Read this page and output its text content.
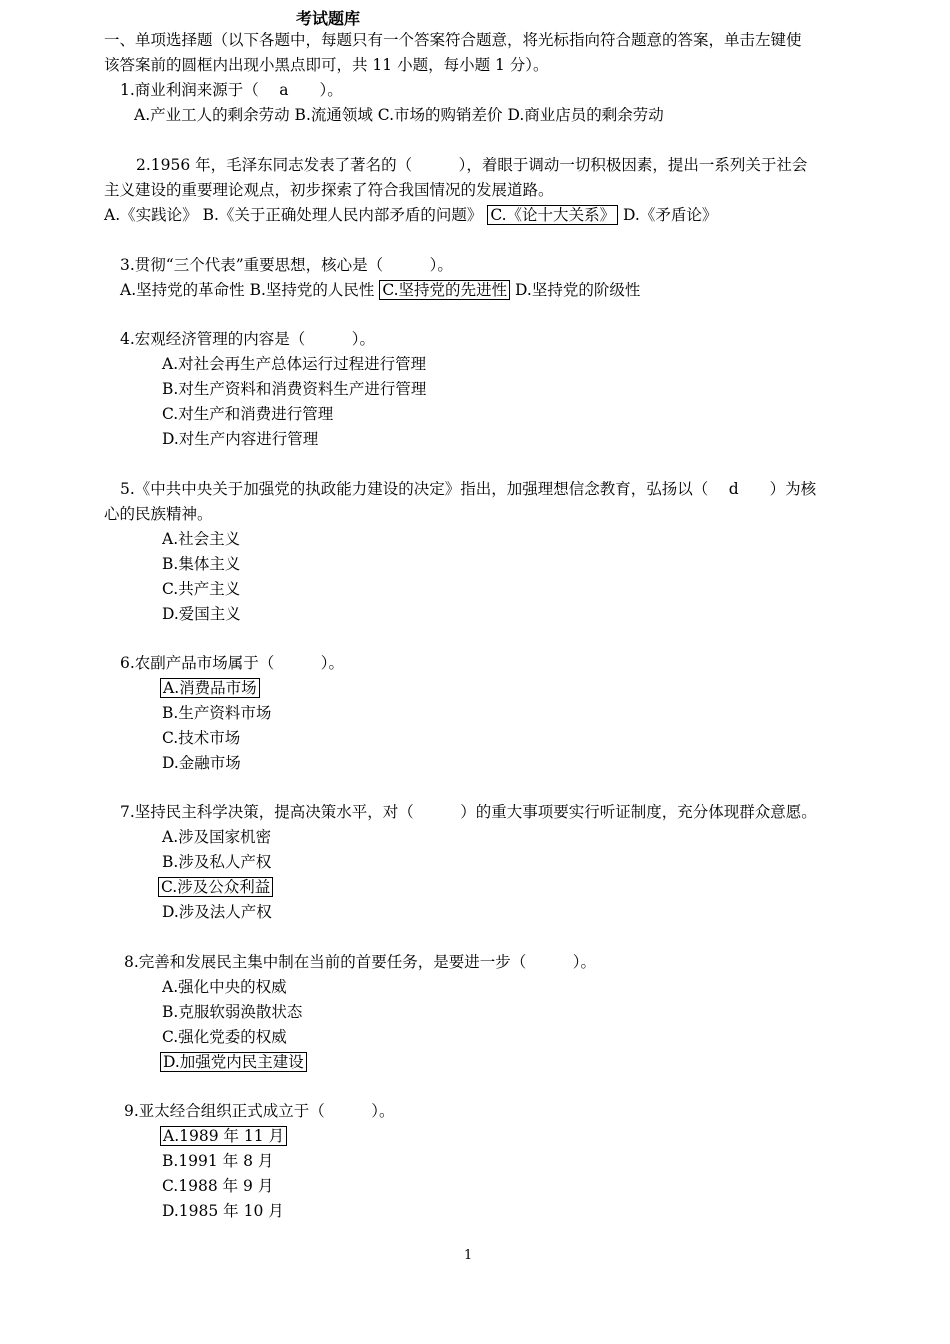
考试题库
一、单项选择题（以下各题中，每题只有一个答案符合题意，将光标指向符合题意的答案，单击左键使
该答案前的圆框内出现小黑点即可，共 11 小题，每小题 1 分）。
1.商业利润来源于（　 a　　）。
A.产业工人的剩余劳动 B.流通领域 C.市场的购销差价 D.商业店员的剩余劳动
2.1956 年，毛泽东同志发表了著名的（　　　），着眼于调动一切积极因素，提出一系列关于社会
主义建设的重要理论观点，初步探索了符合我国情况的发展道路。
A.《实践论》 B.《关于正确处理人民内部矛盾的问题》 C.《论十大关系》 D.《矛盾论》
3.贯彻“三个代表”重要思想，核心是（　　　）。
A.坚持党的革命性 B.坚持党的人民性 C.坚持党的先进性 D.坚持党的阶级性
4.宏观经济管理的内容是（　　　）。
A.对社会再生产总体运行过程进行管理
B.对生产资料和消费资料生产进行管理
C.对生产和消费进行管理
D.对生产内容进行管理
5.《中共中央关于加强党的执政能力建设的决定》指出，加强理想信念教育，弘扬以（　 d　　）为核
心的民族精神。
A.社会主义
B.集体主义
C.共产主义
D.爱国主义
6.农副产品市场属于（　　　）。
A.消费品市场
B.生产资料市场
C.技术市场
D.金融市场
7.坚持民主科学决策，提高决策水平，对（　　　）的重大事项要实行听证制度，充分体现群众意愿。
A.涉及国家机密
B.涉及私人产权
C.涉及公众利益
D.涉及法人产权
8.完善和发展民主集中制在当前的首要任务，是要进一步（　　　）。
A.强化中央的权威
B.克服软弱涣散状态
C.强化党委的权威
D.加强党内民主建设
9.亚太经合组织正式成立于（　　　）。
A.1989 年 11 月
B.1991 年 8 月
C.1988 年 9 月
D.1985 年 10 月
1
